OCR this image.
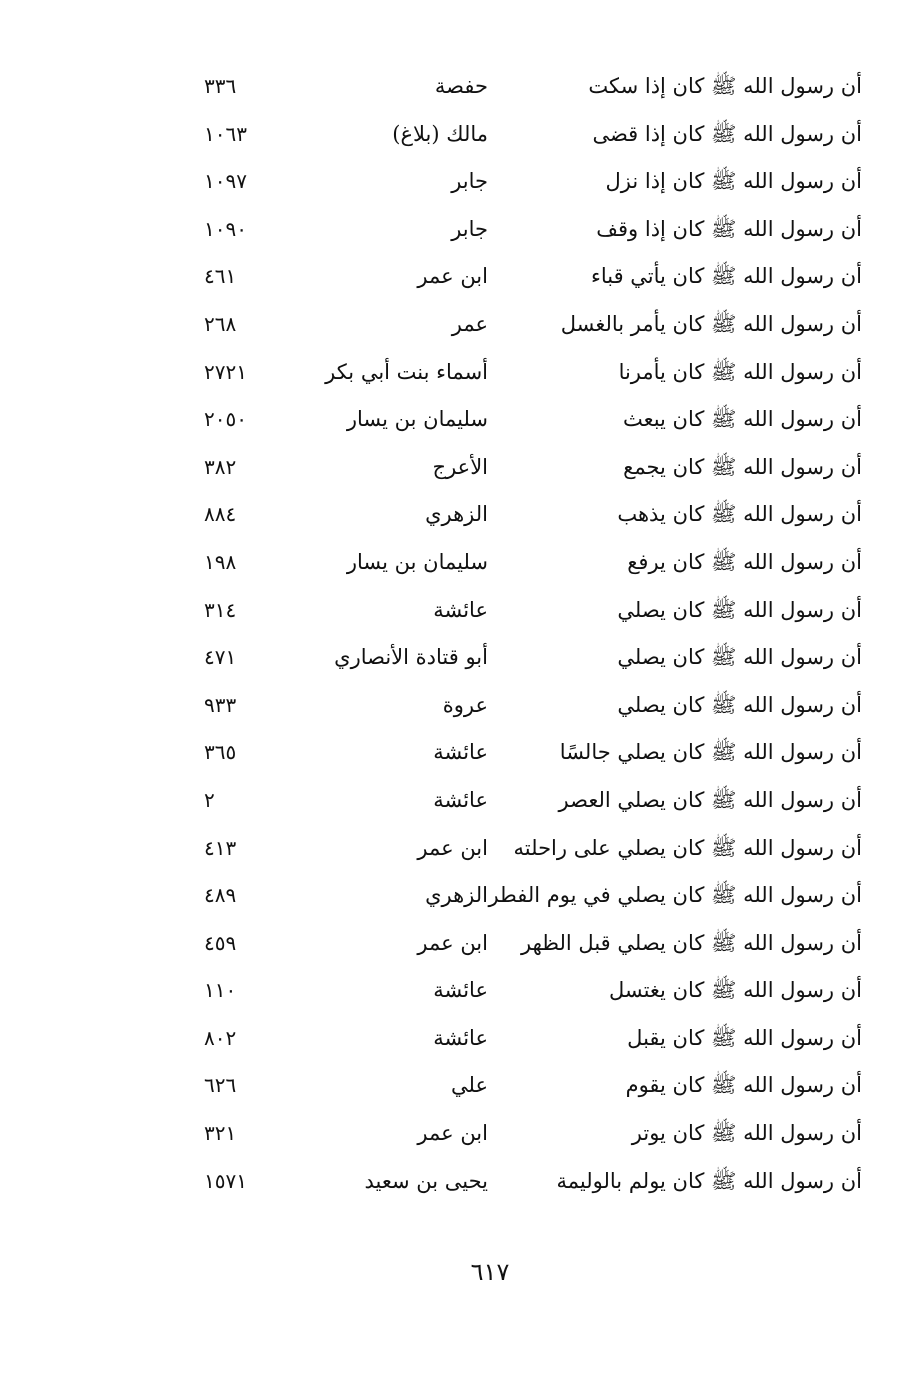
أن رسول الله ﷺ كان إذا سكت
حفصة
٣٣٦
أن رسول الله ﷺ كان إذا قضى
مالك (بلاغ)
١٠٦٣
أن رسول الله ﷺ كان إذا نزل
جابر
١٠٩٧
أن رسول الله ﷺ كان إذا وقف
جابر
١٠٩٠
أن رسول الله ﷺ كان يأتي قباء
ابن عمر
٤٦١
أن رسول الله ﷺ كان يأمر بالغسل
عمر
٢٦٨
أن رسول الله ﷺ كان يأمرنا
أسماء بنت أبي بكر
٢٧٢١
أن رسول الله ﷺ كان يبعث
سليمان بن يسار
٢٠٥٠
أن رسول الله ﷺ كان يجمع
الأعرج
٣٨٢
أن رسول الله ﷺ كان يذهب
الزهري
٨٨٤
أن رسول الله ﷺ كان يرفع
سليمان بن يسار
١٩٨
أن رسول الله ﷺ كان يصلي
عائشة
٣١٤
أن رسول الله ﷺ كان يصلي
أبو قتادة الأنصاري
٤٧١
أن رسول الله ﷺ كان يصلي
عروة
٩٣٣
أن رسول الله ﷺ كان يصلي جالسًا
عائشة
٣٦٥
أن رسول الله ﷺ كان يصلي العصر
عائشة
٢
أن رسول الله ﷺ كان يصلي على راحلته
ابن عمر
٤١٣
أن رسول الله ﷺ كان يصلي في يوم الفطر
الزهري
٤٨٩
أن رسول الله ﷺ كان يصلي قبل الظهر
ابن عمر
٤٥٩
أن رسول الله ﷺ كان يغتسل
عائشة
١١٠
أن رسول الله ﷺ كان يقبل
عائشة
٨٠٢
أن رسول الله ﷺ كان يقوم
علي
٦٢٦
أن رسول الله ﷺ كان يوتر
ابن عمر
٣٢١
أن رسول الله ﷺ كان يولم بالوليمة
يحيى بن سعيد
١٥٧١
٦١٧
